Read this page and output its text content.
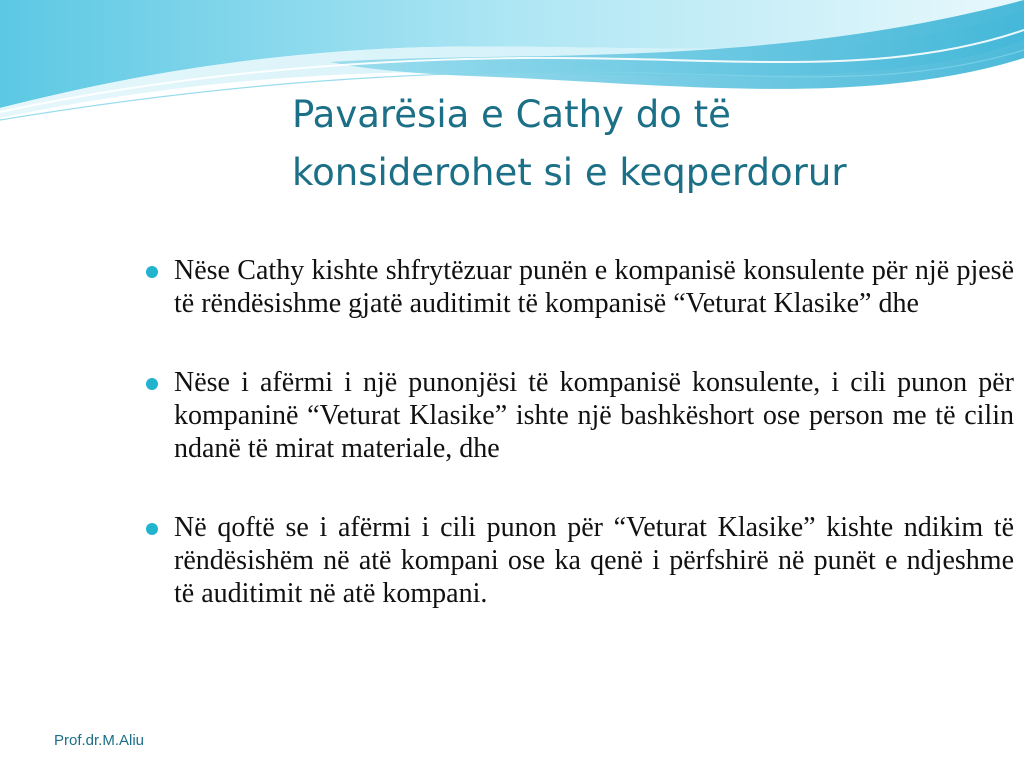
Pavarësia e Cathy do të
konsiderohet si e keqperdorur
Nëse Cathy kishte shfrytëzuar punën e kompanisë konsulente për një pjesë të rëndësishme gjatë auditimit të kompanisë “Veturat Klasike” dhe
Nëse i afërmi i një punonjësi të kompanisë konsulente, i cili punon për kompaninë “Veturat Klasike” ishte një bashkëshort ose person me të cilin ndanë të mirat materiale, dhe
Në qoftë se i afërmi i cili punon për “Veturat Klasike” kishte ndikim të rëndësishëm në atë kompani ose ka qenë i përfshirë në punët e ndjeshme të auditimit në atë kompani.
Prof.dr.M.Aliu
